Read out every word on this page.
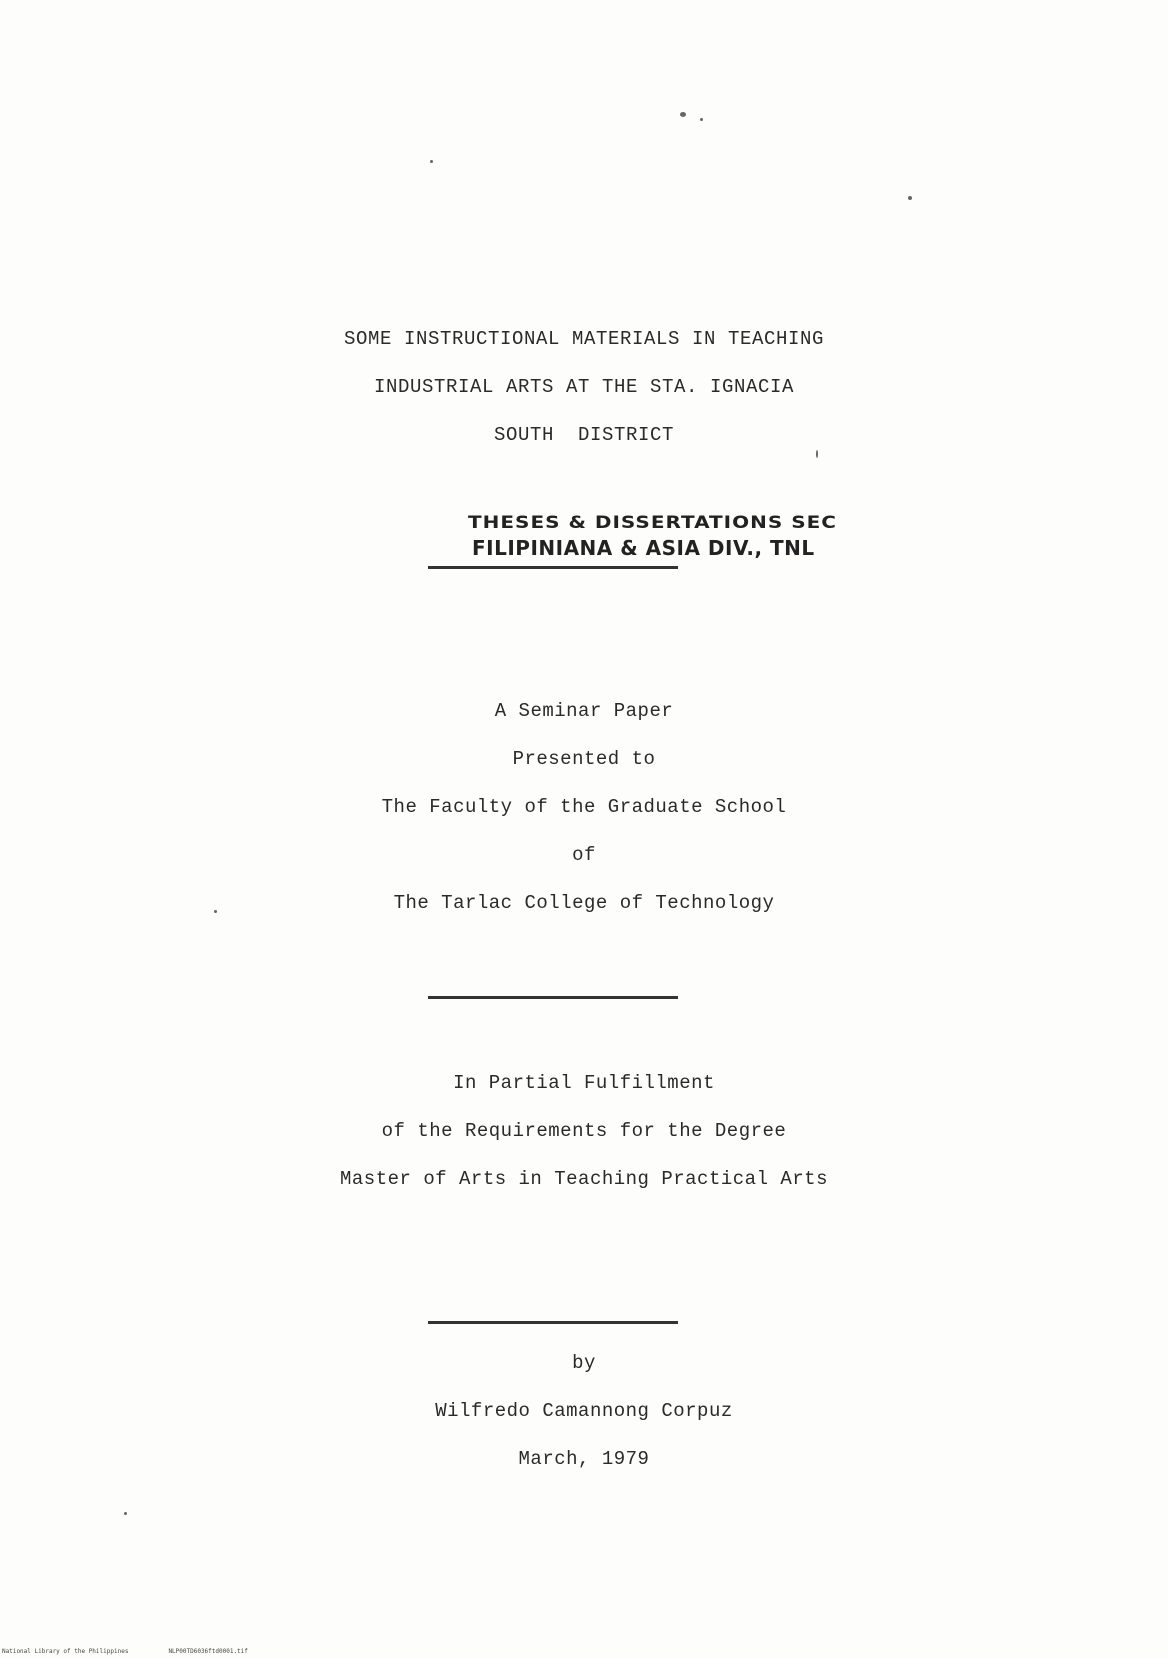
SOME INSTRUCTIONAL MATERIALS IN TEACHING
INDUSTRIAL ARTS AT THE STA. IGNACIA
SOUTH  DISTRICT
THESES & DISSERTATIONS SEC
FILIPINIANA & ASIA DIV., TNL
A Seminar Paper
Presented to
The Faculty of the Graduate School
of
The Tarlac College of Technology
In Partial Fulfillment
of the Requirements for the Degree
Master of Arts in Teaching Practical Arts
by
Wilfredo Camannong Corpuz
March, 1979
National Library of the Philippines	NLP00TD6036ftd0001.tif
